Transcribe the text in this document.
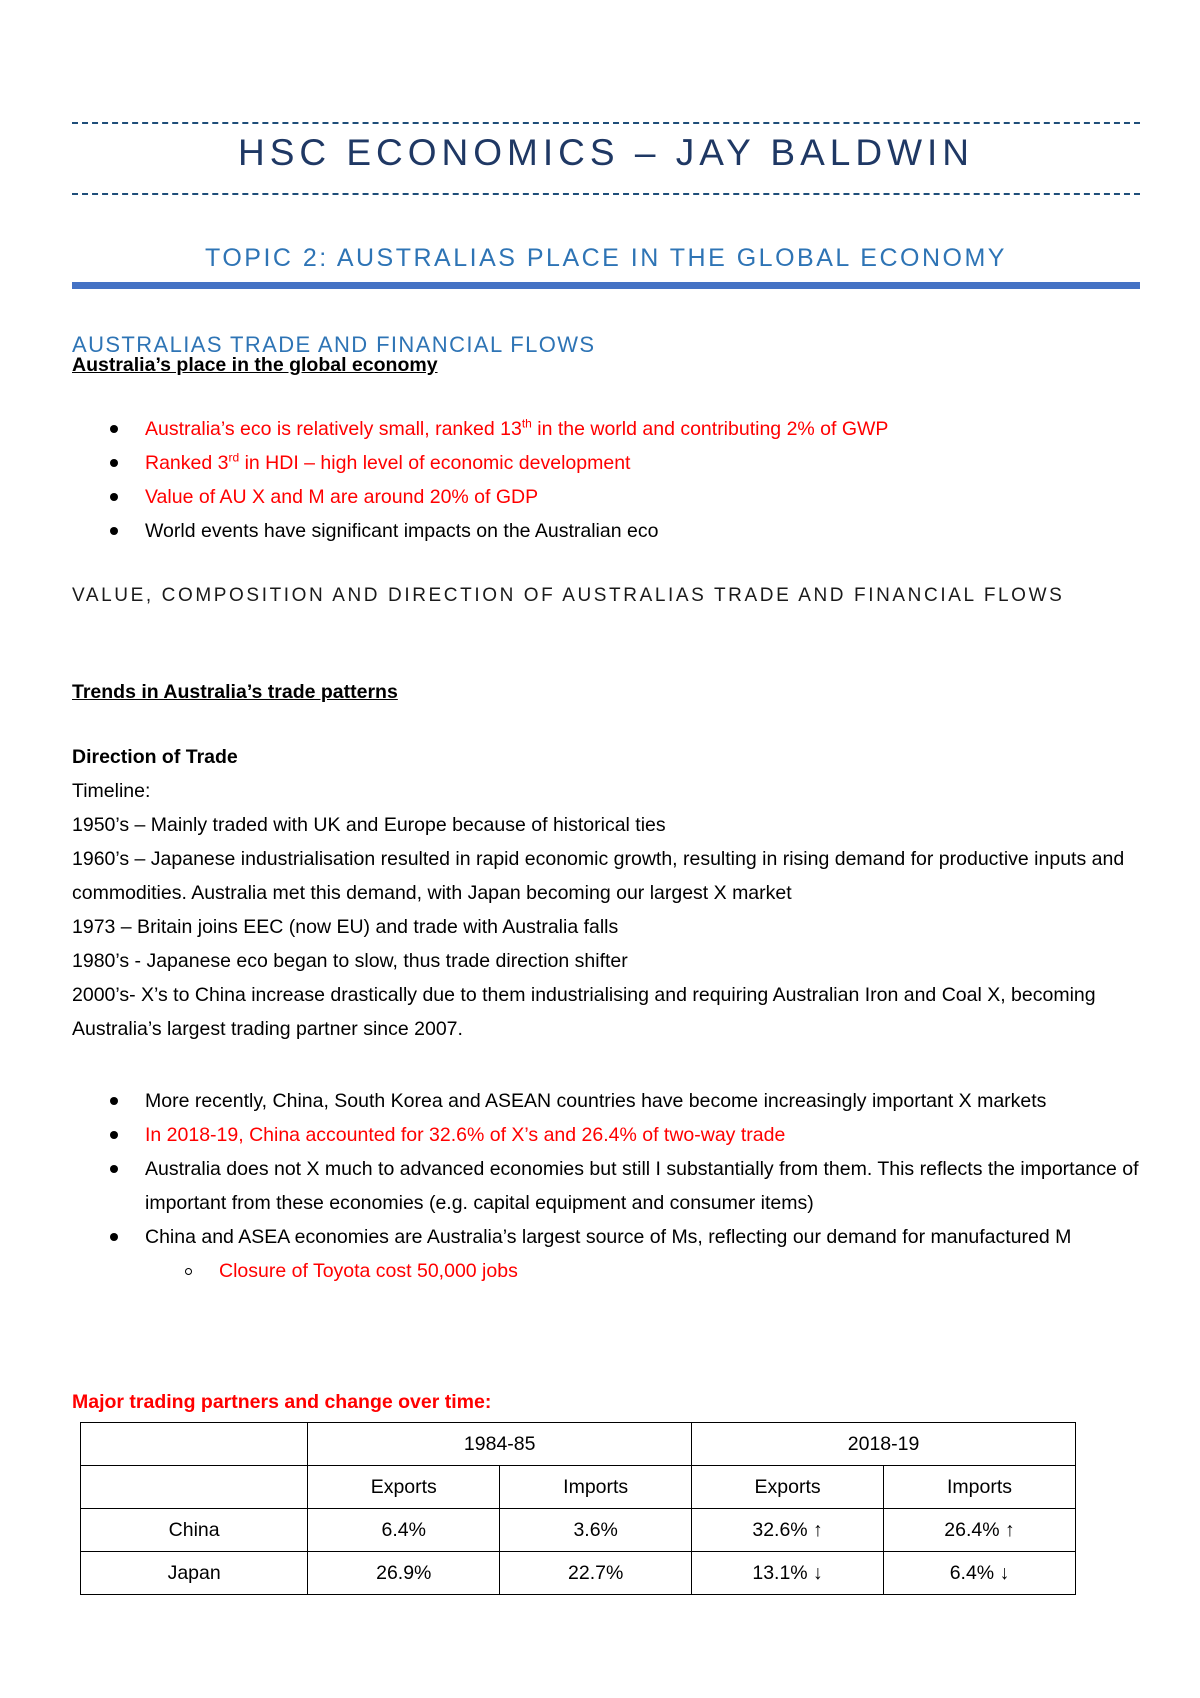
HSC ECONOMICS – JAY BALDWIN
TOPIC 2: AUSTRALIAS PLACE IN THE GLOBAL ECONOMY
AUSTRALIAS TRADE AND FINANCIAL FLOWS
Australia’s place in the global economy
Australia’s eco is relatively small, ranked 13th in the world and contributing 2% of GWP
Ranked 3rd in HDI – high level of economic development
Value of AU X and M are around 20% of GDP
World events have significant impacts on the Australian eco
VALUE, COMPOSITION AND DIRECTION OF AUSTRALIAS TRADE AND FINANCIAL FLOWS
Trends in Australia’s trade patterns
Direction of Trade
Timeline:
1950’s – Mainly traded with UK and Europe because of historical ties
1960’s – Japanese industrialisation resulted in rapid economic growth, resulting in rising demand for productive inputs and commodities. Australia met this demand, with Japan becoming our largest X market
1973 – Britain joins EEC (now EU) and trade with Australia falls
1980’s - Japanese eco began to slow, thus trade direction shifter
2000’s- X’s to China increase drastically due to them industrialising and requiring Australian Iron and Coal X, becoming Australia’s largest trading partner since 2007.
More recently, China, South Korea and ASEAN countries have become increasingly important X markets
In 2018-19, China accounted for 32.6% of X’s and 26.4% of two-way trade
Australia does not X much to advanced economies but still I substantially from them. This reflects the importance of important from these economies (e.g. capital equipment and consumer items)
China and ASEA economies are Australia’s largest source of Ms, reflecting our demand for manufactured M
Closure of Toyota cost 50,000 jobs
Major trading partners and change over time:
	1984-85		2018-19	
	Exports	Imports	Exports	Imports
China	6.4%	3.6%	32.6% ↑	26.4% ↑
Japan	26.9%	22.7%	13.1% ↓	6.4% ↓
